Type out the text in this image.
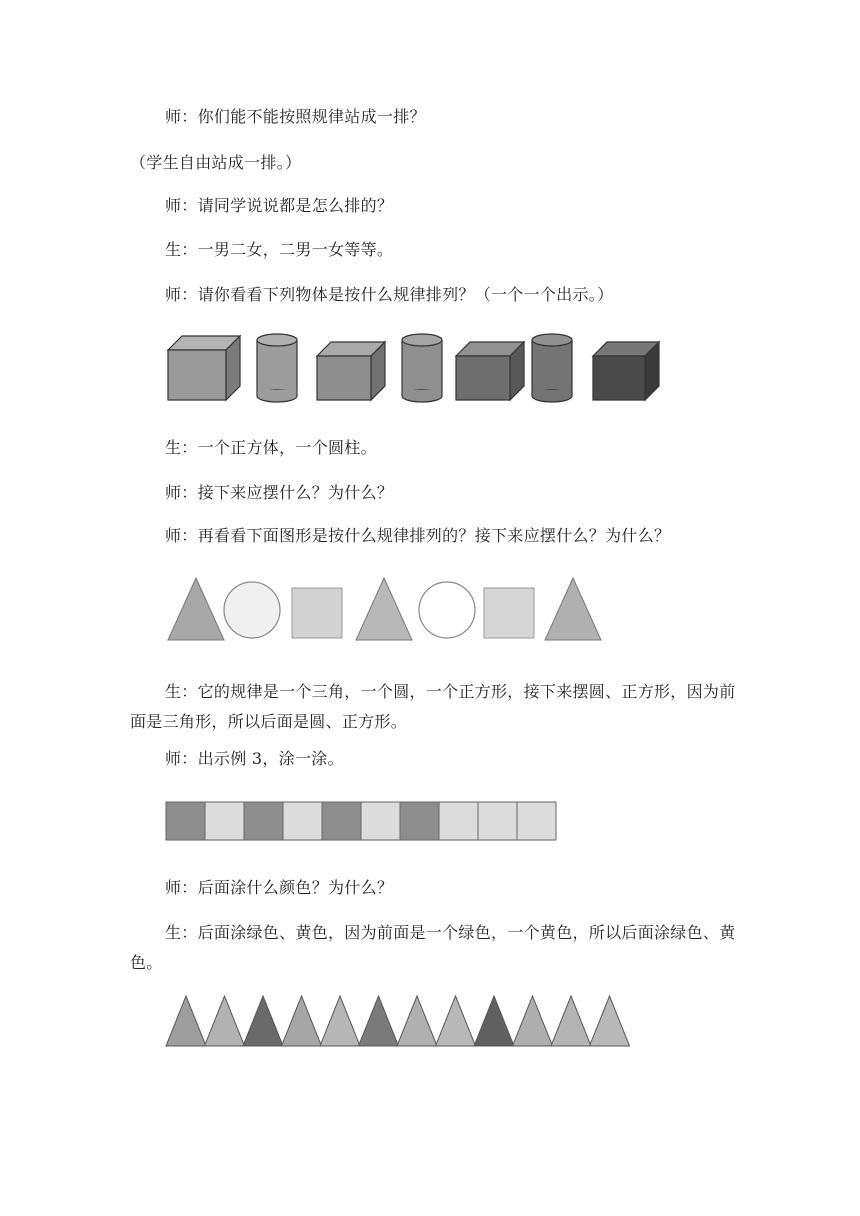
师：你们能不能按照规律站成一排？

（学生自由站成一排。）

师：请同学说说都是怎么排的？

生：一男二女，二男一女等等。

师：请你看看下列物体是按什么规律排列？（一个一个出示。）

生：一个正方体，一个圆柱。

师：接下来应摆什么？为什么？

师：再看看下面图形是按什么规律排列的？接下来应摆什么？为什么？

生：它的规律是一个三角，一个圆，一个正方形，接下来摆圆、正方形，因为前面是三角形，所以后面是圆、正方形。

师：出示例 3，涂一涂。

师：后面涂什么颜色？为什么？

生：后面涂绿色、黄色，因为前面是一个绿色，一个黄色，所以后面涂绿色、黄色。
